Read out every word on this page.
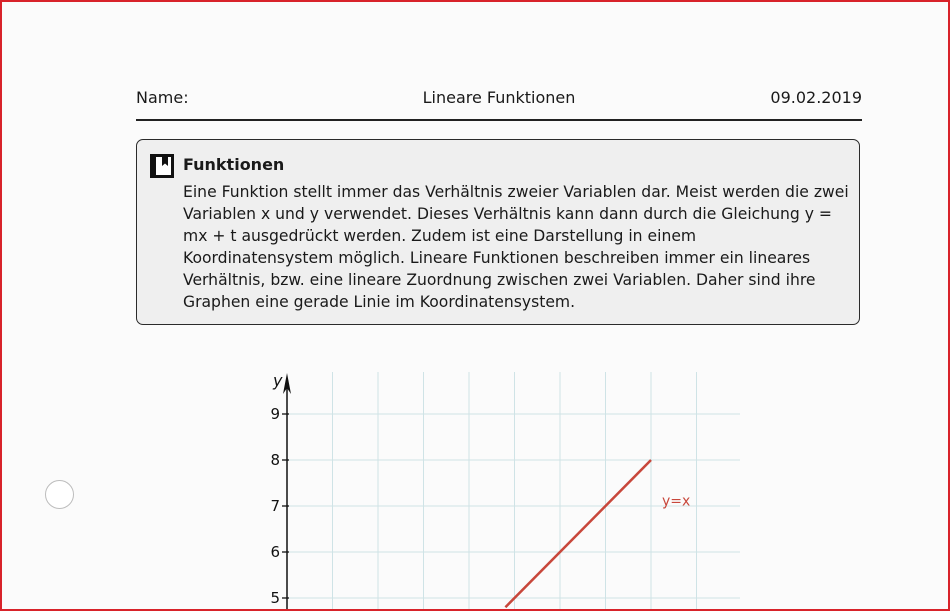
Name:	Lineare Funktionen	09.02.2019
Funktionen
Eine Funktion stellt immer das Verhältnis zweier Variablen dar. Meist werden die zwei Variablen x und y verwendet. Dieses Verhältnis kann dann durch die Gleichung y = mx + t ausgedrückt werden. Zudem ist eine Darstellung in einem Koordinatensystem möglich. Lineare Funktionen beschreiben immer ein lineares Verhältnis, bzw. eine lineare Zuordnung zwischen zwei Variablen. Daher sind ihre Graphen eine gerade Linie im Koordinatensystem.
y
5
6
7
8
9
y=x
